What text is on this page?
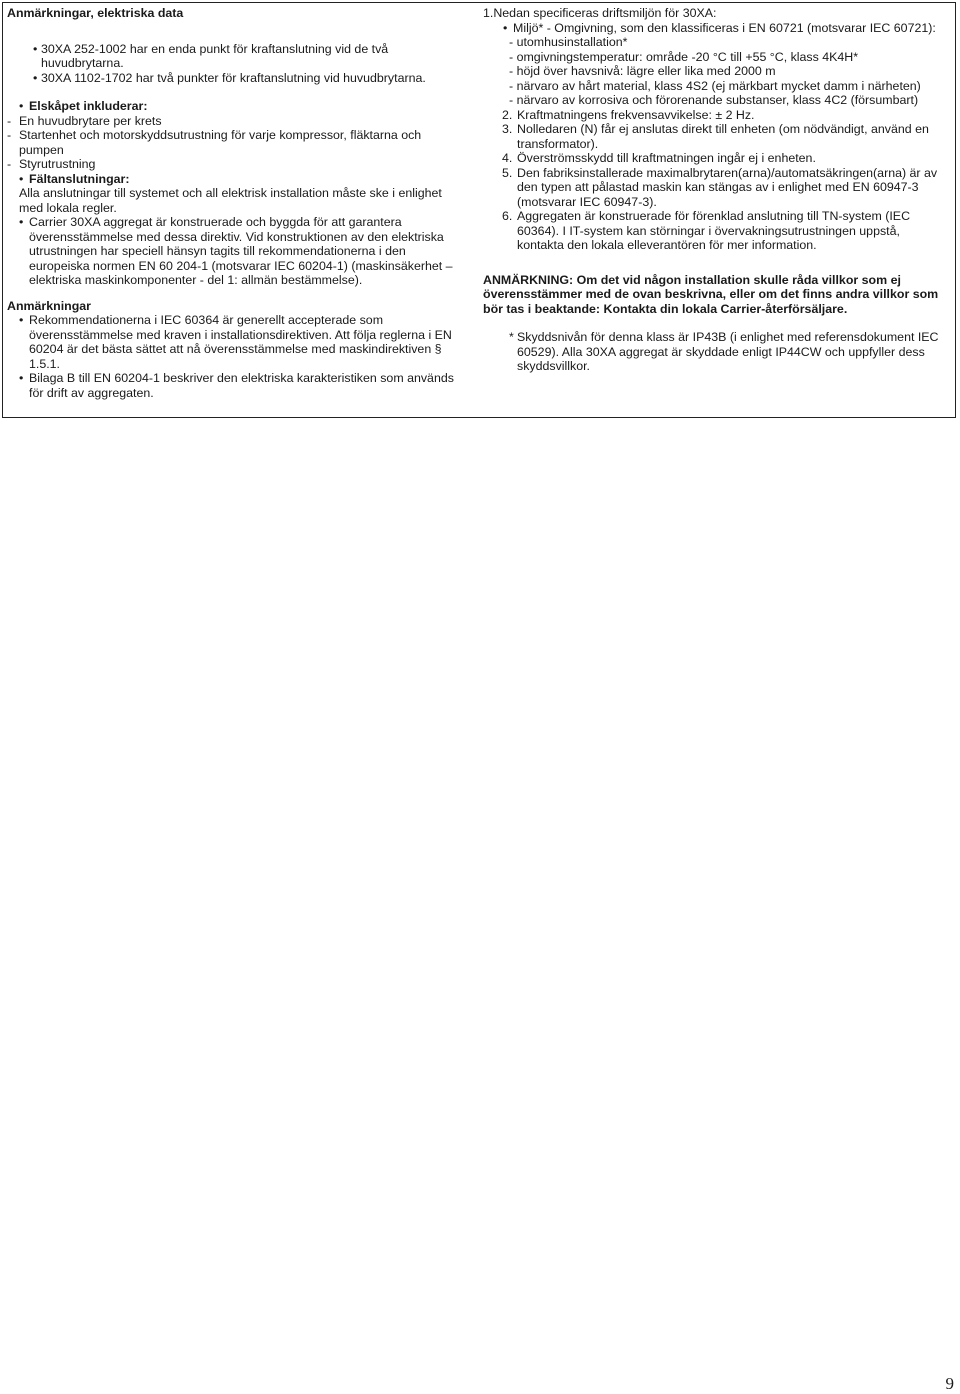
Anmärkningar, elektriska data
• 30XA 252-1002 har en enda punkt för kraftanslutning vid de två huvudbrytarna.
• 30XA 1102-1702 har två punkter för kraftanslutning vid huvudbrytarna.
• Elskåpet inkluderar:
- En huvudbrytare per krets
- Startenhet och motorskyddsutrustning för varje kompressor, fläktarna och pumpen
- Styrutrustning
• Fältanslutningar:
Alla anslutningar till systemet och all elektrisk installation måste ske i enlighet med lokala regler.
• Carrier 30XA aggregat är konstruerade och byggda för att garantera överensstämmelse med dessa direktiv. Vid konstruktionen av den elektriska utrustningen har speciell hänsyn tagits till rekommendationerna i den europeiska normen EN 60 204-1 (motsvarar IEC 60204-1) (maskinsäkerhet – elektriska maskinkomponenter - del 1: allmän bestämmelse).
Anmärkningar
• Rekommendationerna i IEC 60364 är generellt accepterade som överensstämmelse med kraven i installationsdirektiven. Att följa reglerna i EN 60204 är det bästa sättet att nå överensstämmelse med maskindirektiven § 1.5.1.
• Bilaga B till EN 60204-1 beskriver den elektriska karakteristiken som används för drift av aggregaten.
1.Nedan specificeras driftsmiljön för 30XA:
• Miljö* - Omgivning, som den klassificeras i EN 60721 (motsvarar IEC 60721):
- utomhusinstallation*
- omgivningstemperatur: område -20 °C till +55 °C, klass 4K4H*
- höjd över havsnivå: lägre eller lika med 2000 m
- närvaro av hårt material, klass 4S2 (ej märkbart mycket damm i närheten)
- närvaro av korrosiva och förorenande substanser, klass 4C2 (försumbart)
2. Kraftmatningens frekvensavvikelse: ± 2 Hz.
3. Nolledaren (N) får ej anslutas direkt till enheten (om nödvändigt, använd en transformator).
4. Överströmsskydd till kraftmatningen ingår ej i enheten.
5. Den fabriksinstallerade maximalbrytaren(arna)/automatsäkringen(arna) är av den typen att pålastad maskin kan stängas av i enlighet med EN 60947-3 (motsvarar IEC 60947-3).
6. Aggregaten är konstruerade för förenklad anslutning till TN-system (IEC 60364). I IT-system kan störningar i övervakningsutrustningen uppstå, kontakta den lokala elleverantören för mer information.
ANMÄRKNING: Om det vid någon installation skulle råda villkor som ej överensstämmer med de ovan beskrivna, eller om det finns andra villkor som bör tas i beaktande: Kontakta din lokala Carrier-återförsäljare.
* Skyddsnivån för denna klass är IP43B (i enlighet med referensdokument IEC 60529). Alla 30XA aggregat är skyddade enligt IP44CW och uppfyller dess skyddsvillkor.
9
